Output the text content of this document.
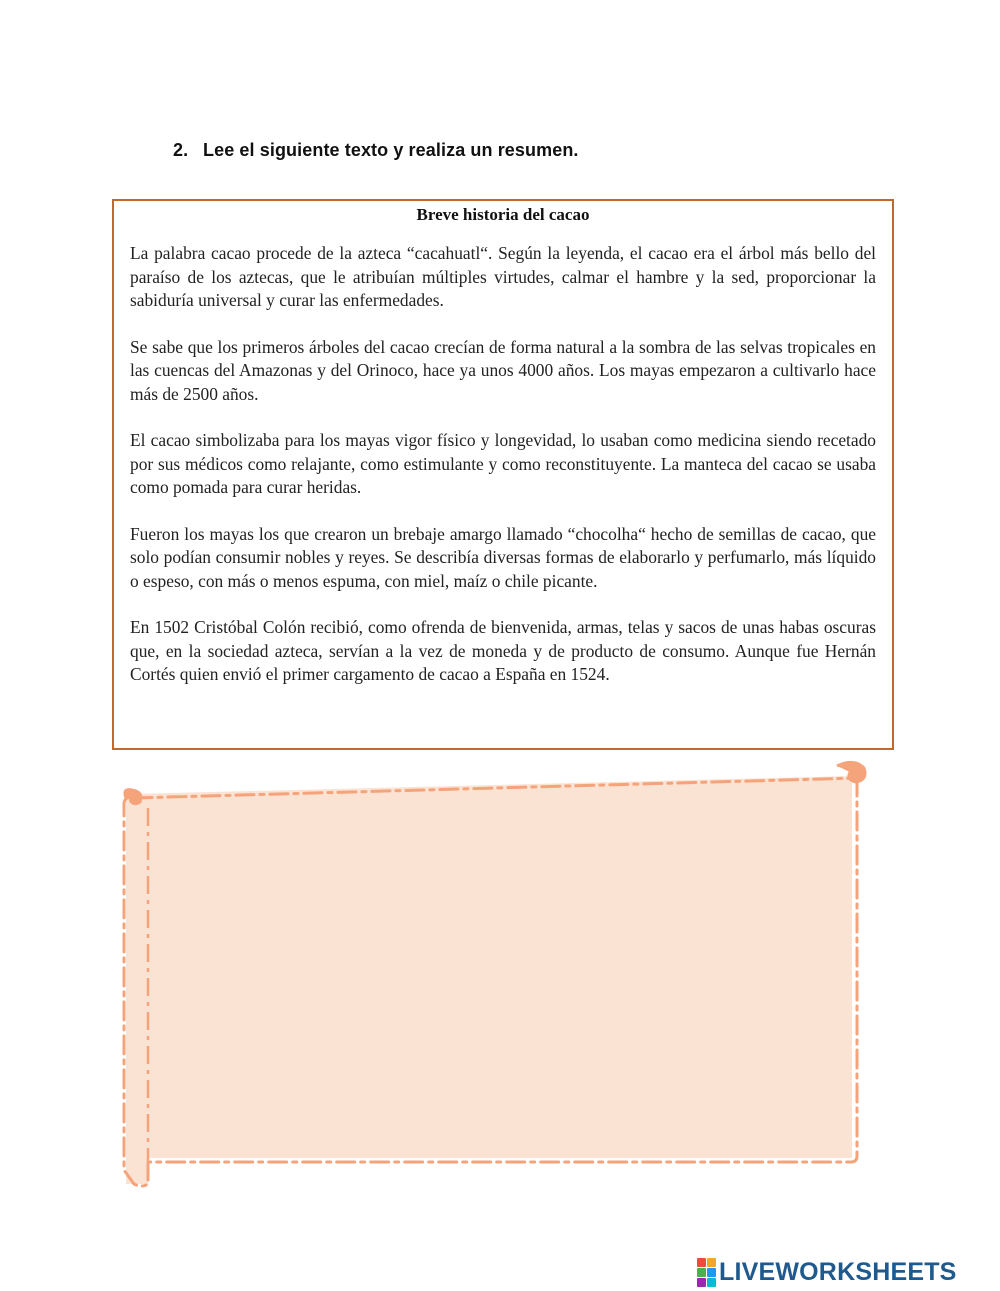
2. Lee el siguiente texto y realiza un resumen.
Breve historia del cacao

La palabra cacao procede de la azteca “cacahuatl“. Según la leyenda, el cacao era el árbol más bello del paraíso de los aztecas, que le atribuían múltiples virtudes, calmar el hambre y la sed, proporcionar la sabiduría universal y curar las enfermedades.

Se sabe que los primeros árboles del cacao crecían de forma natural a la sombra de las selvas tropicales en las cuencas del Amazonas y del Orinoco, hace ya unos 4000 años. Los mayas empezaron a cultivarlo hace más de 2500 años.

El cacao simbolizaba para los mayas vigor físico y longevidad, lo usaban como medicina siendo recetado por sus médicos como relajante, como estimulante y como reconstituyente. La manteca del cacao se usaba como pomada para curar heridas.

Fueron los mayas los que crearon un brebaje amargo llamado “chocolha“ hecho de semillas de cacao, que solo podían consumir nobles y reyes. Se describía diversas formas de elaborarlo y perfumarlo, más líquido o espeso, con más o menos espuma, con miel, maíz o chile picante.

En 1502 Cristóbal Colón recibió, como ofrenda de bienvenida, armas, telas y sacos de unas habas oscuras que, en la sociedad azteca, servían a la vez de moneda y de producto de consumo. Aunque fue Hernán Cortés quien envió el primer cargamento de cacao a España en 1524.

LIVEWORKSHEETS
